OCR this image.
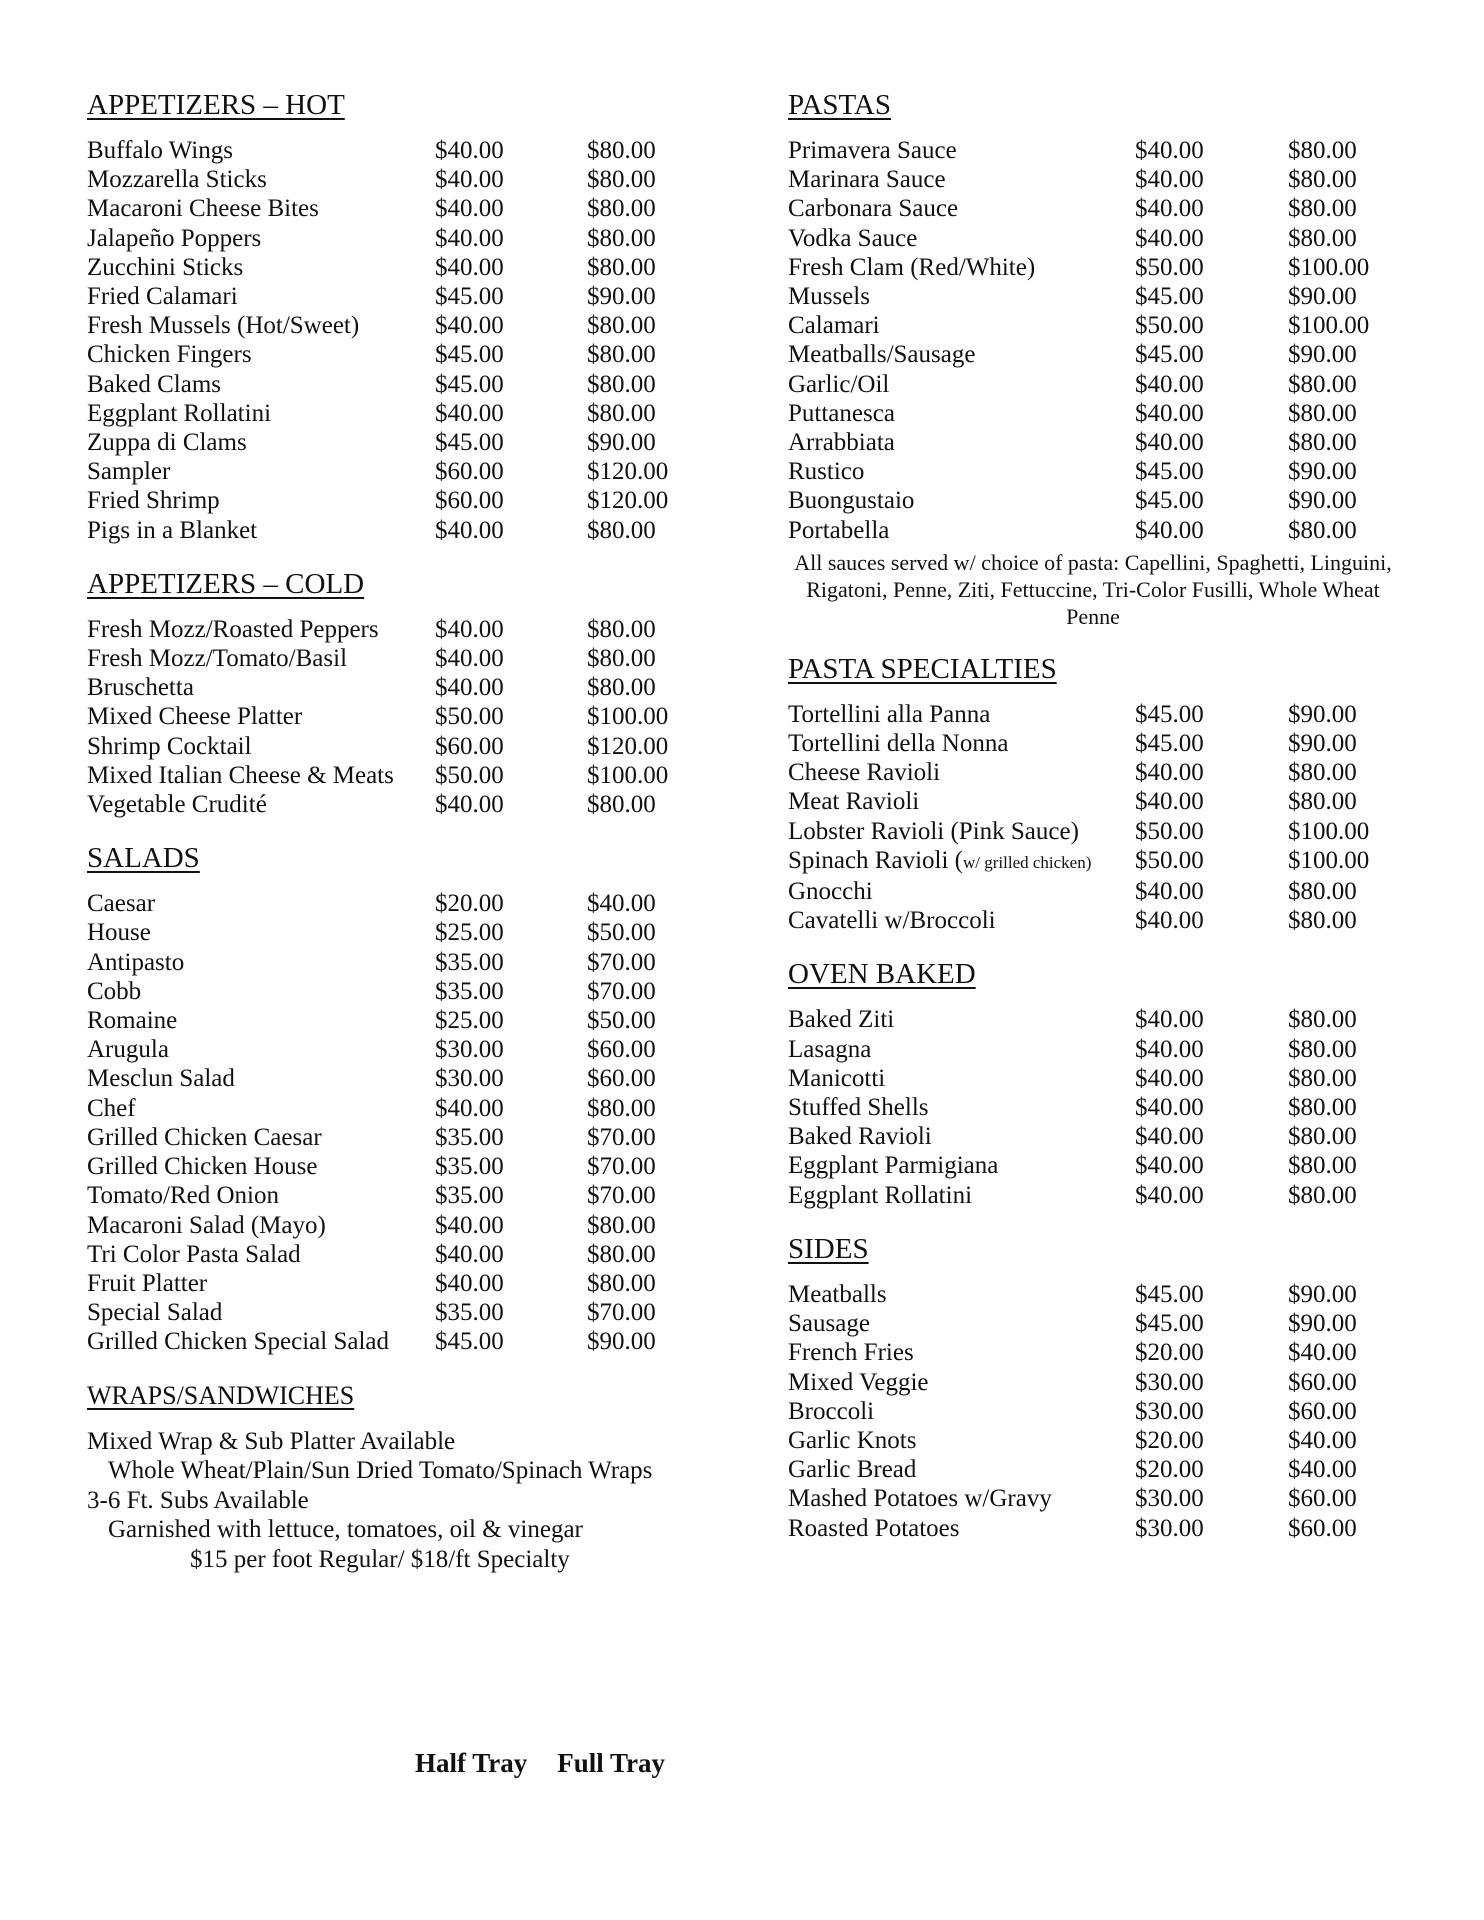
APPETIZERS – HOT
Buffalo Wings	$40.00	$80.00
Mozzarella Sticks	$40.00	$80.00
Macaroni Cheese Bites	$40.00	$80.00
Jalapeño Poppers	$40.00	$80.00
Zucchini Sticks	$40.00	$80.00
Fried Calamari	$45.00	$90.00
Fresh Mussels (Hot/Sweet)	$40.00	$80.00
Chicken Fingers	$45.00	$80.00
Baked Clams	$45.00	$80.00
Eggplant Rollatini	$40.00	$80.00
Zuppa di Clams	$45.00	$90.00
Sampler	$60.00	$120.00
Fried Shrimp	$60.00	$120.00
Pigs in a Blanket	$40.00	$80.00
APPETIZERS – COLD
Fresh Mozz/Roasted Peppers	$40.00	$80.00
Fresh Mozz/Tomato/Basil	$40.00	$80.00
Bruschetta	$40.00	$80.00
Mixed Cheese Platter	$50.00	$100.00
Shrimp Cocktail	$60.00	$120.00
Mixed Italian Cheese & Meats	$50.00	$100.00
Vegetable Crudité	$40.00	$80.00
SALADS
Caesar	$20.00	$40.00
House	$25.00	$50.00
Antipasto	$35.00	$70.00
Cobb	$35.00	$70.00
Romaine	$25.00	$50.00
Arugula	$30.00	$60.00
Mesclun Salad	$30.00	$60.00
Chef	$40.00	$80.00
Grilled Chicken Caesar	$35.00	$70.00
Grilled Chicken House	$35.00	$70.00
Tomato/Red Onion	$35.00	$70.00
Macaroni Salad (Mayo)	$40.00	$80.00
Tri Color Pasta Salad	$40.00	$80.00
Fruit Platter	$40.00	$80.00
Special Salad	$35.00	$70.00
Grilled Chicken Special Salad	$45.00	$90.00
WRAPS/SANDWICHES

Mixed Wrap & Sub Platter Available

Whole Wheat/Plain/Sun Dried Tomato/Spinach Wraps

3-6 Ft. Subs Available

Garnished with lettuce, tomatoes, oil & vinegar

$15 per foot Regular/ $18/ft Specialty

PASTAS
Primavera Sauce	$40.00	$80.00
Marinara Sauce	$40.00	$80.00
Carbonara Sauce	$40.00	$80.00
Vodka Sauce	$40.00	$80.00
Fresh Clam (Red/White)	$50.00	$100.00
Mussels	$45.00	$90.00
Calamari	$50.00	$100.00
Meatballs/Sausage	$45.00	$90.00
Garlic/Oil	$40.00	$80.00
Puttanesca	$40.00	$80.00
Arrabbiata	$40.00	$80.00
Rustico	$45.00	$90.00
Buongustaio	$45.00	$90.00
Portabella	$40.00	$80.00

All sauces served w/ choice of pasta: Capellini, Spaghetti, Linguini, Rigatoni, Penne, Ziti, Fettuccine, Tri-Color Fusilli, Whole Wheat Penne

PASTA SPECIALTIES
Tortellini alla Panna	$45.00	$90.00
Tortellini della Nonna	$45.00	$90.00
Cheese Ravioli	$40.00	$80.00
Meat Ravioli	$40.00	$80.00
Lobster Ravioli (Pink Sauce)	$50.00	$100.00
Spinach Ravioli (w/ grilled chicken)	$50.00	$100.00
Gnocchi	$40.00	$80.00
Cavatelli w/Broccoli	$40.00	$80.00
OVEN BAKED
Baked Ziti	$40.00	$80.00
Lasagna	$40.00	$80.00
Manicotti	$40.00	$80.00
Stuffed Shells	$40.00	$80.00
Baked Ravioli	$40.00	$80.00
Eggplant Parmigiana	$40.00	$80.00
Eggplant Rollatini	$40.00	$80.00
SIDES
Meatballs	$45.00	$90.00
Sausage	$45.00	$90.00
French Fries	$20.00	$40.00
Mixed Veggie	$30.00	$60.00
Broccoli	$30.00	$60.00
Garlic Knots	$20.00	$40.00
Garlic Bread	$20.00	$40.00
Mashed Potatoes w/Gravy	$30.00	$60.00
Roasted Potatoes	$30.00	$60.00
Half Tray Full Tray
